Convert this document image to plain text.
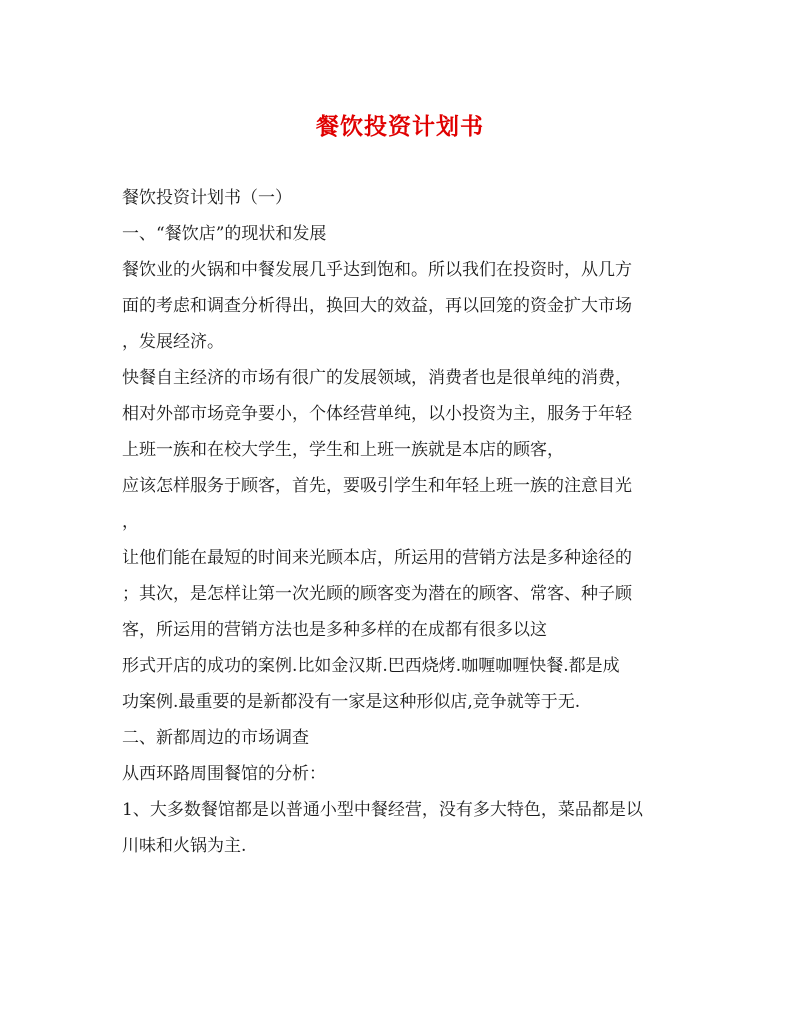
餐饮投资计划书
餐饮投资计划书（一）
一、“餐饮店”的现状和发展
餐饮业的火锅和中餐发展几乎达到饱和。所以我们在投资时，从几方
面的考虑和调查分析得出，换回大的效益，再以回笼的资金扩大市场
，发展经济。
快餐自主经济的市场有很广的发展领域，消费者也是很单纯的消费，
相对外部市场竞争要小，个体经营单纯，以小投资为主，服务于年轻
上班一族和在校大学生，学生和上班一族就是本店的顾客，
应该怎样服务于顾客，首先，要吸引学生和年轻上班一族的注意目光
，
让他们能在最短的时间来光顾本店，所运用的营销方法是多种途径的
；其次，是怎样让第一次光顾的顾客变为潜在的顾客、常客、种子顾
客，所运用的营销方法也是多种多样的在成都有很多以这
形式开店的成功的案例.比如金汉斯.巴西烧烤.咖喱咖喱快餐.都是成
功案例.最重要的是新都没有一家是这种形似店,竞争就等于无.
二、新都周边的市场调查
从西环路周围餐馆的分析：
1、大多数餐馆都是以普通小型中餐经营，没有多大特色，菜品都是以
川味和火锅为主.
